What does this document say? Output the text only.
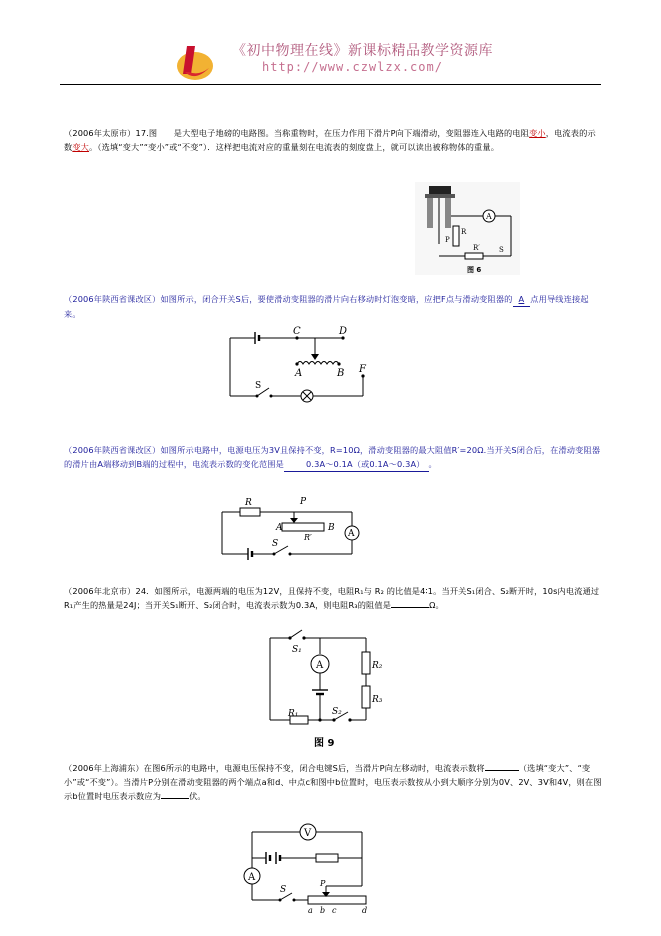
《初中物理在线》新课标精品教学资源库
http://www.czwlzx.com/
（2006年太原市）17.图 是大型电子地磅的电路图。当称重物时，在压力作用下滑片P向下端滑动，变阻器连入电路的电阻变小，电流表的示数变大。（选填“变大”“变小”或“不变”）．这样把电流对应的重量刻在电流表的刻度盘上，就可以读出被称物体的重量。
A
P
R
R′	S
图 6
（2006年陕西省课改区）如图所示，闭合开关S后，要使滑动变阻器的滑片向右移动时灯泡变暗，应把F点与滑动变阻器的 A 点用导线连接起来。
C	D
A	B F
S
（2006年陕西省课改区）如图所示电路中，电源电压为3V且保持不变，R=10Ω，滑动变阻器的最大阻值R′=20Ω.当开关S闭合后，在滑动变阻器的滑片由A端移动到B端的过程中，电流表示数的变化范围是	0.3A～0.1A（或0.1A～0.3A） 。
R	P
A
R′
B
S
A
（2006年北京市）24．如图所示，电源两端的电压为12V，且保持不变，电阻R₁与 R₂ 的比值是4∶1。当开关S₁闭合、S₂断开时，10s内电流通过R₁产生的热量是24J；当开关S₁断开、S₂闭合时，电流表示数为0.3A，则电阻R₃的阻值是	Ω。
S₁
A	R₂
R₃
R₁	S₂
图 9
（2006年上海浦东）在图6所示的电路中，电源电压保持不变，闭合电键S后，当滑片P向左移动时，电流表示数将	（选填“变大”、“变小”或“不变”）。当滑片P分别在滑动变阻器的两个端点a和d、中点c和图中b位置时，电压表示数按从小到大顺序分别为0V、2V、3V和4V，则在图示b位置时电压表示数应为	伏。
V
A
S
P
a b c	d
